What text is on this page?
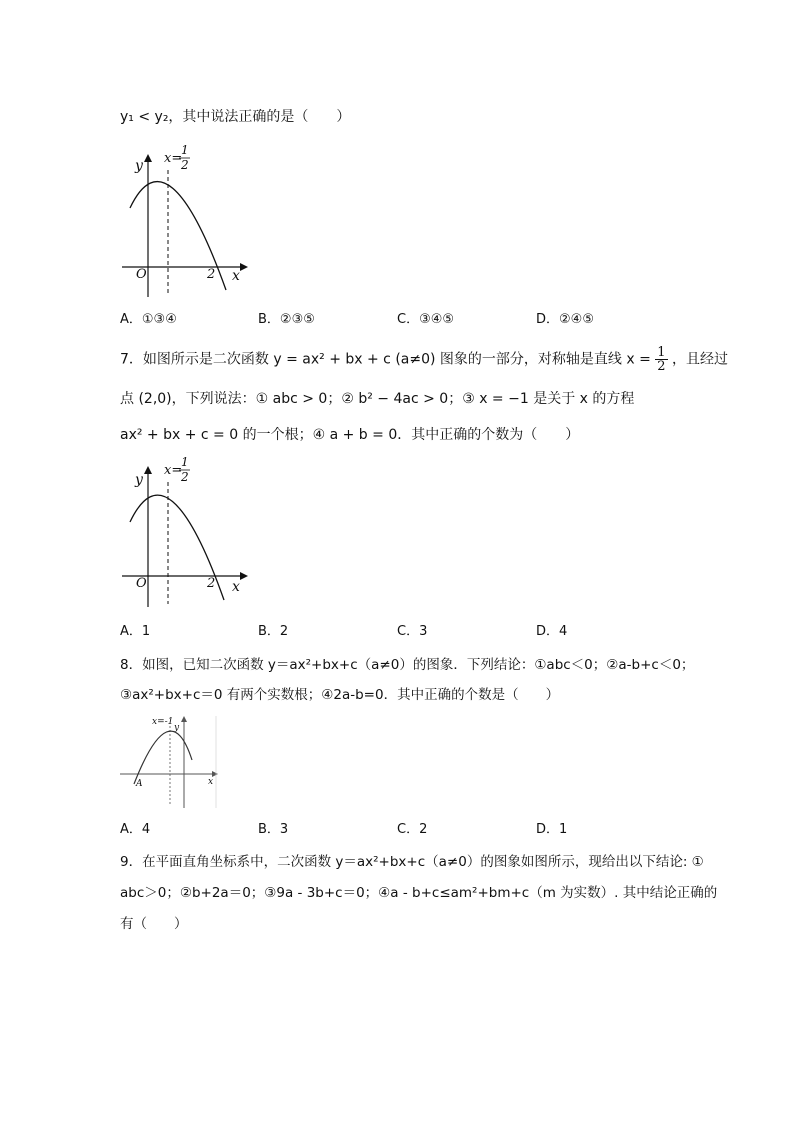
y₁ < y₂，其中说法正确的是（　　）
y
x
O	2
x=
1
2
A．①③④	B．②③⑤	C．③④⑤	D．②④⑤
7．如图所示是二次函数 y = ax² + bx + c (a≠0) 图象的一部分，对称轴是直线 $x = \frac{1}{2}$ ，且经过
点 (2,0)，下列说法：① abc > 0；② b² − 4ac > 0；③ x = −1 是关于 x 的方程
ax² + bx + c = 0 的一个根；④ a + b = 0．其中正确的个数为（　　）
y
x
O	2
x=
1
2
A．1	B．2	C．3	D．4
8．如图，已知二次函数 y＝ax²+bx+c（a≠0）的图象．下列结论：①abc＜0；②a-b+c＜0；
③ax²+bx+c＝0 有两个实数根；④2a-b=0．其中正确的个数是（　　）
x=-1
y
x
A
A．4	B．3	C．2	D．1
9．在平面直角坐标系中，二次函数 y＝ax²+bx+c（a≠0）的图象如图所示，现给出以下结论: ①
abc＞0；②b+2a＝0；③9a - 3b+c＝0；④a - b+c≤am²+bm+c（m 为实数）. 其中结论正确的
有（　　）
